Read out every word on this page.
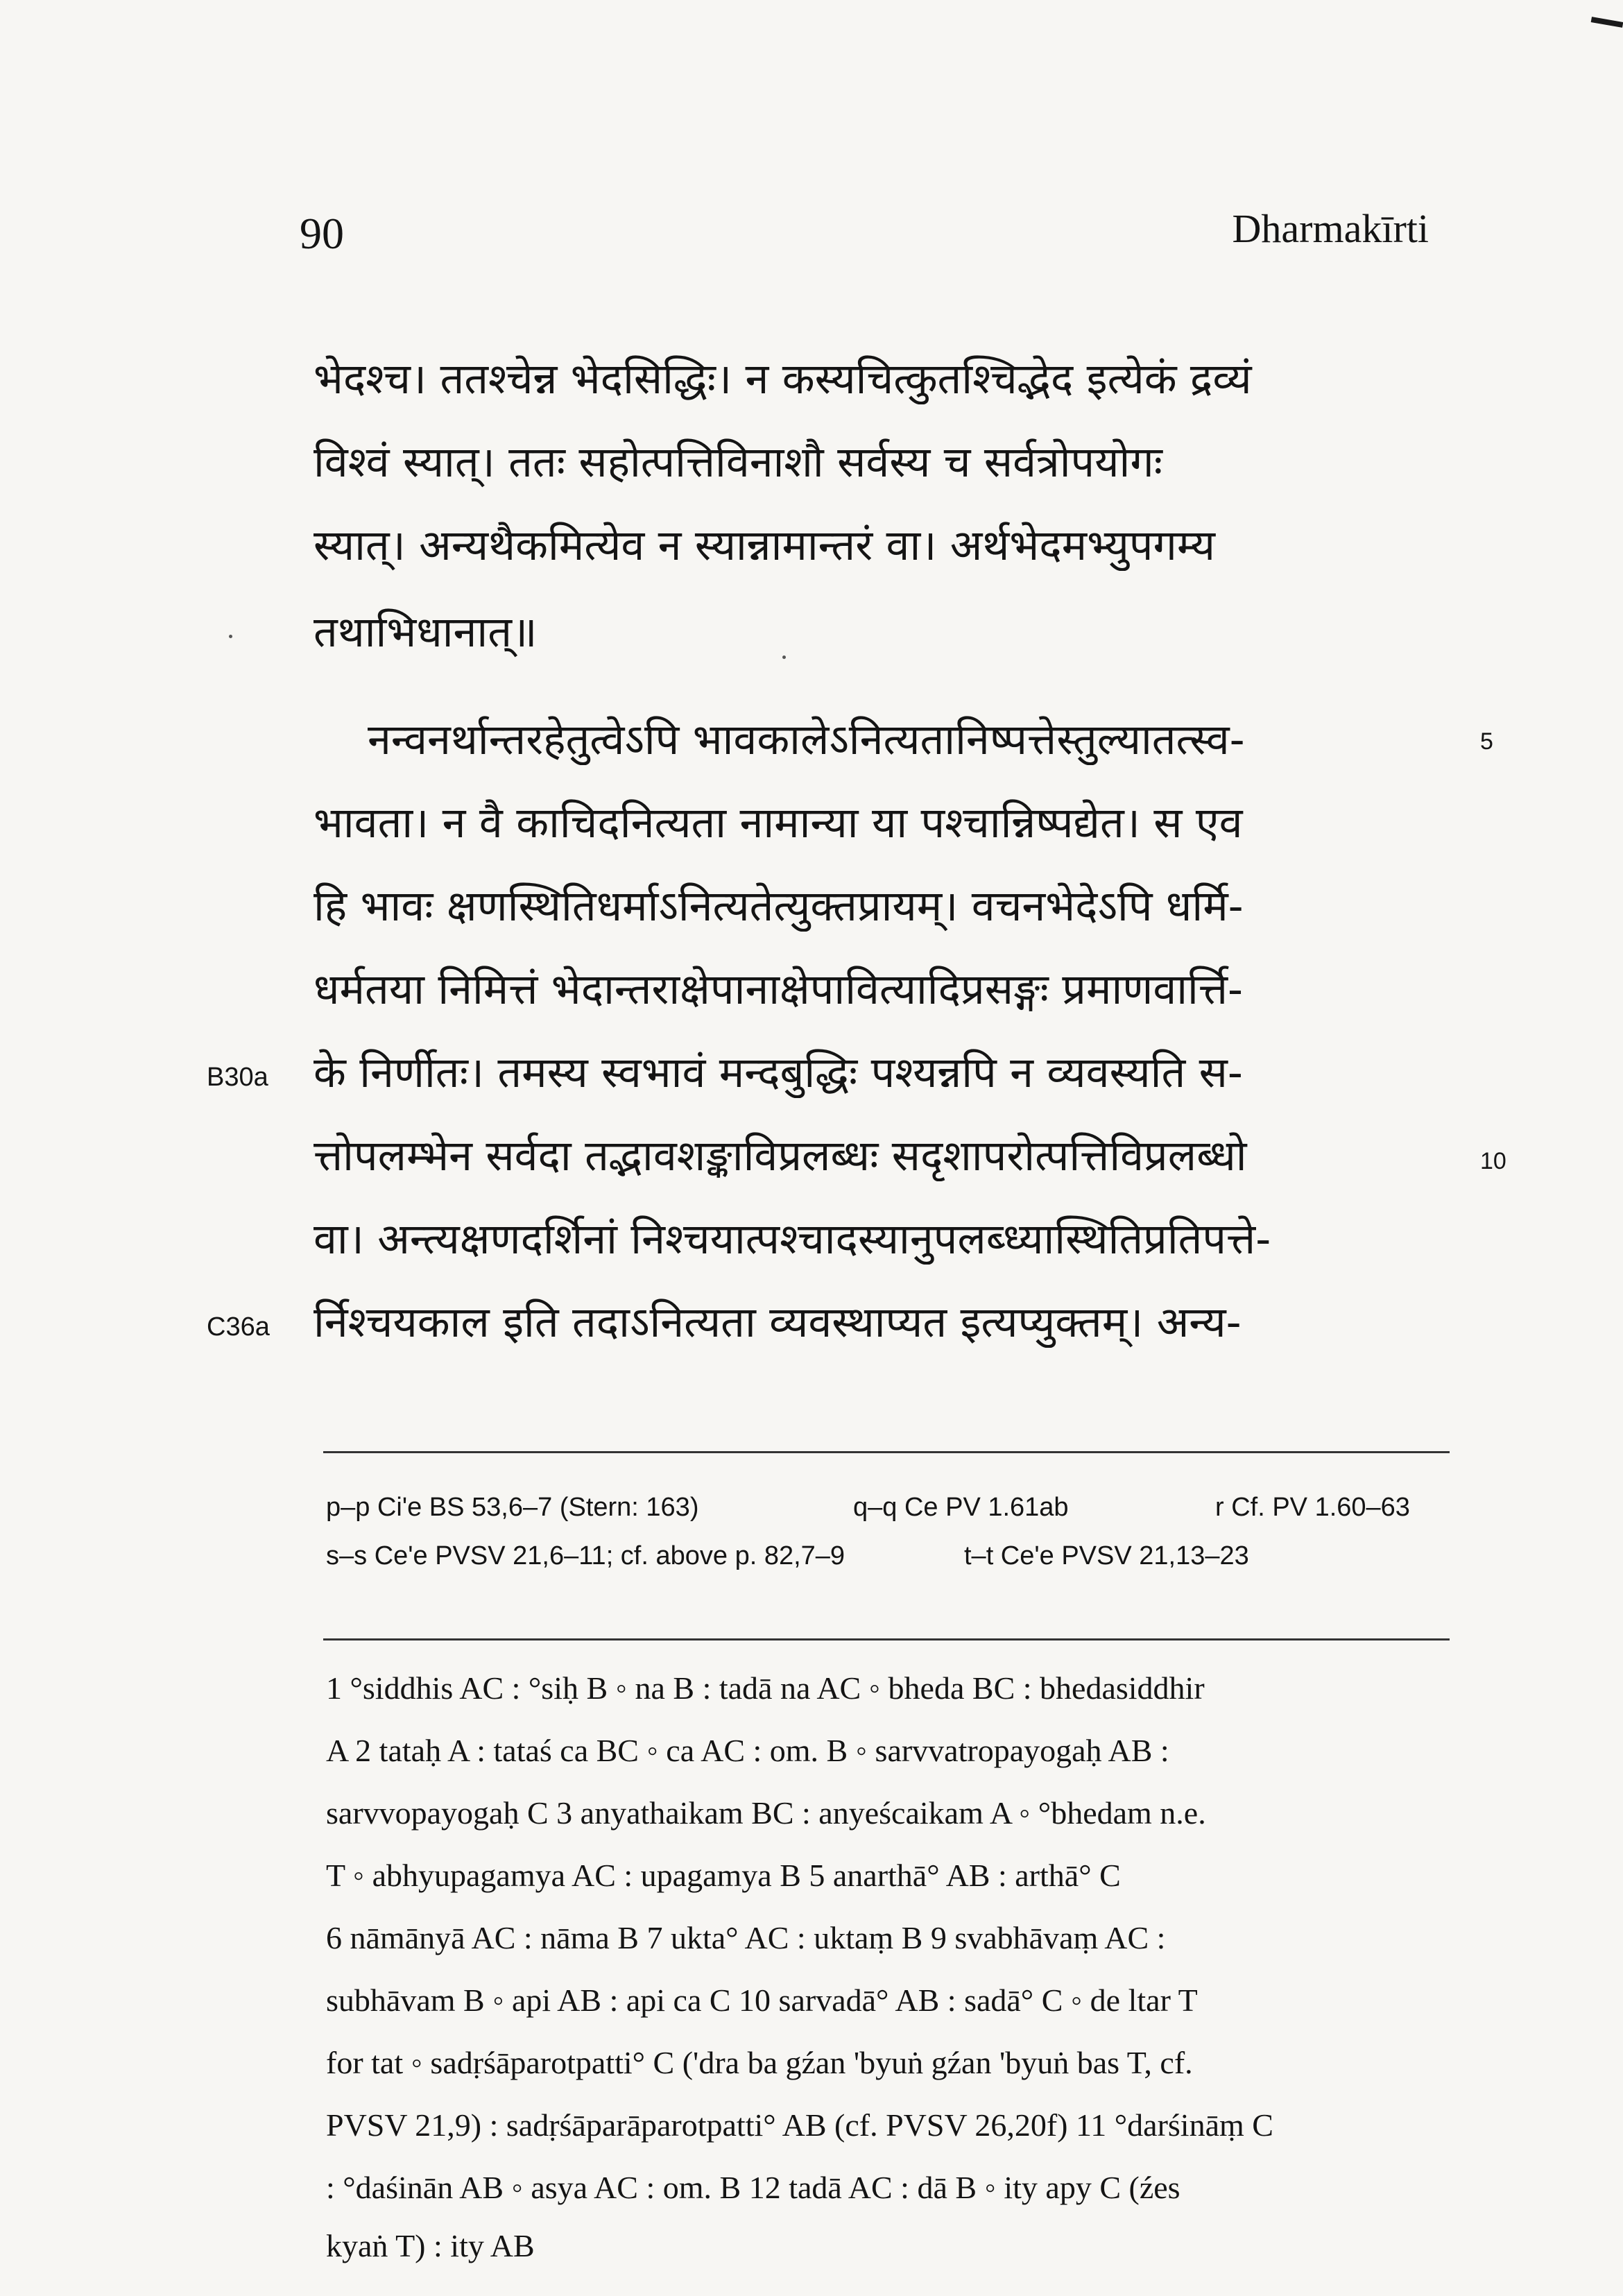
90	Dharmakīrti
भेदश्च। ततश्चेन्न भेदसिद्धिः। न कस्यचित्कुतश्चिद्भेद इत्येकं द्रव्यं
विश्वं स्यात्। ततः सहोत्पत्तिविनाशौ सर्वस्य च सर्वत्रोपयोगः
स्यात्। अन्यथैकमित्येव न स्यान्नामान्तरं वा। अर्थभेदमभ्युपगम्य
तथाभिधानात्॥
नन्वनर्थान्तरहेतुत्वेऽपि भावकालेऽनित्यतानिष्पत्तेस्तुल्यातत्स्व-
भावता। न वै काचिदनित्यता नामान्या या पश्चान्निष्पद्येत। स एव
हि भावः क्षणस्थितिधर्माऽनित्यतेत्युक्तप्रायम्। वचनभेदेऽपि धर्मि-
धर्मतया निमित्तं भेदान्तराक्षेपानाक्षेपावित्यादिप्रसङ्गः प्रमाणवार्त्ति-
के निर्णीतः। तमस्य स्वभावं मन्दबुद्धिः पश्यन्नपि न व्यवस्यति स-
त्तोपलम्भेन सर्वदा तद्भावशङ्काविप्रलब्धः सदृशापरोत्पत्तिविप्रलब्धो
वा। अन्त्यक्षणदर्शिनां निश्चयात्पश्चादस्यानुपलब्ध्यास्थितिप्रतिपत्ते-
र्निश्चयकाल इति तदाऽनित्यता व्यवस्थाप्यत इत्यप्युक्तम्। अन्य-
5
10
B30a
C36a
p–p Ci'e BS 53,6–7 (Stern: 163)	q–q Ce PV 1.61ab	r Cf. PV 1.60–63
s–s Ce'e PVSV 21,6–11; cf. above p. 82,7–9	t–t Ce'e PVSV 21,13–23
1 °siddhis AC : °siḥ B ◦ na B : tadā na AC ◦ bheda BC : bhedasiddhir
A 2 tataḥ A : tataś ca BC ◦ ca AC : om. B ◦ sarvvatropayogaḥ AB :
sarvvopayogaḥ C 3 anyathaikam BC : anyeścaikam A ◦ °bhedam n.e.
T ◦ abhyupagamya AC : upagamya B 5 anarthā° AB : arthā° C
6 nāmānyā AC : nāma B 7 ukta° AC : uktaṃ B 9 svabhāvaṃ AC :
subhāvam B ◦ api AB : api ca C 10 sarvadā° AB : sadā° C ◦ de ltar T
for tat ◦ sadṛśāparotpatti° C ('dra ba gźan 'byuṅ gźan 'byuṅ bas T, cf.
PVSV 21,9) : sadṛśāparāparotpatti° AB (cf. PVSV 26,20f) 11 °darśināṃ C
: °daśinān AB ◦ asya AC : om. B 12 tadā AC : dā B ◦ ity apy C (źes
kyaṅ T) : ity AB
